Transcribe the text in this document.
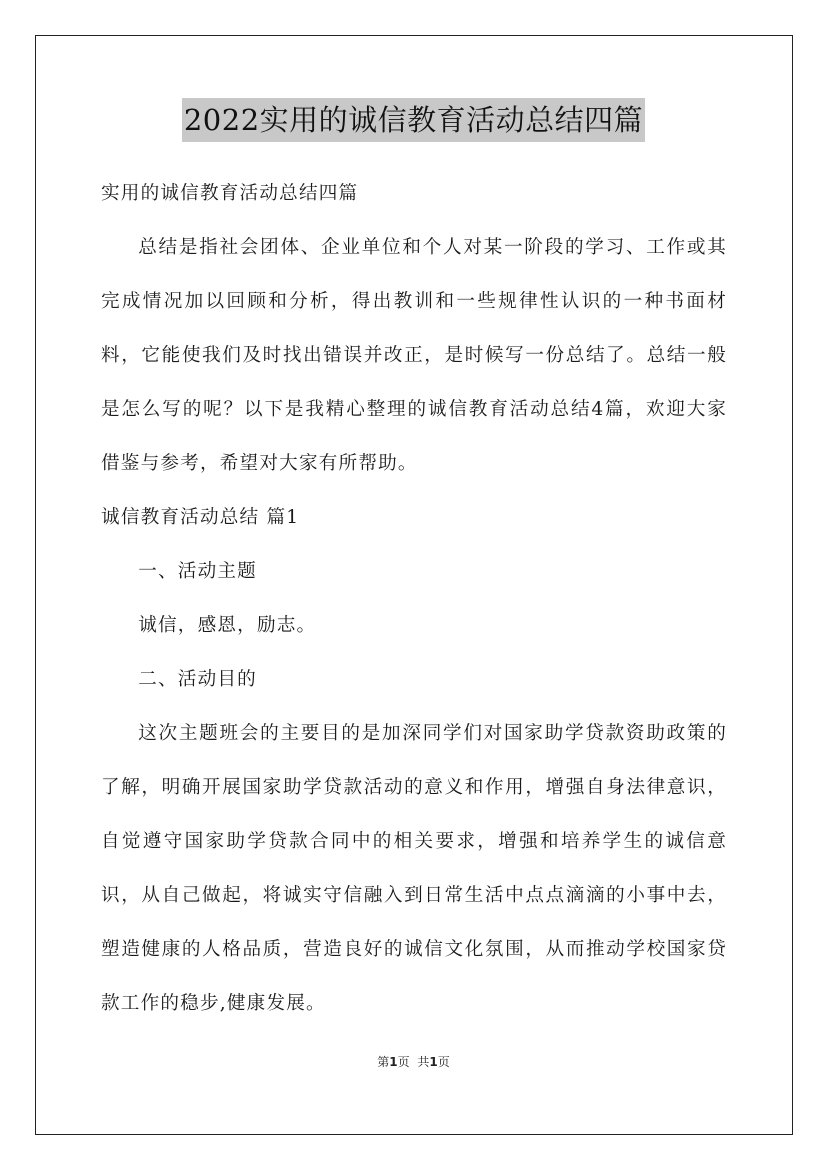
2022实用的诚信教育活动总结四篇
实用的诚信教育活动总结四篇
总结是指社会团体、企业单位和个人对某一阶段的学习、工作或其完成情况加以回顾和分析，得出教训和一些规律性认识的一种书面材料，它能使我们及时找出错误并改正，是时候写一份总结了。总结一般是怎么写的呢？以下是我精心整理的诚信教育活动总结4篇，欢迎大家借鉴与参考，希望对大家有所帮助。
诚信教育活动总结 篇1
一、活动主题
诚信，感恩，励志。
二、活动目的
这次主题班会的主要目的是加深同学们对国家助学贷款资助政策的了解，明确开展国家助学贷款活动的意义和作用，增强自身法律意识，自觉遵守国家助学贷款合同中的相关要求，增强和培养学生的诚信意识，从自己做起，将诚实守信融入到日常生活中点点滴滴的小事中去，塑造健康的人格品质，营造良好的诚信文化氛围，从而推动学校国家贷款工作的稳步,健康发展。
第1页 共1页
